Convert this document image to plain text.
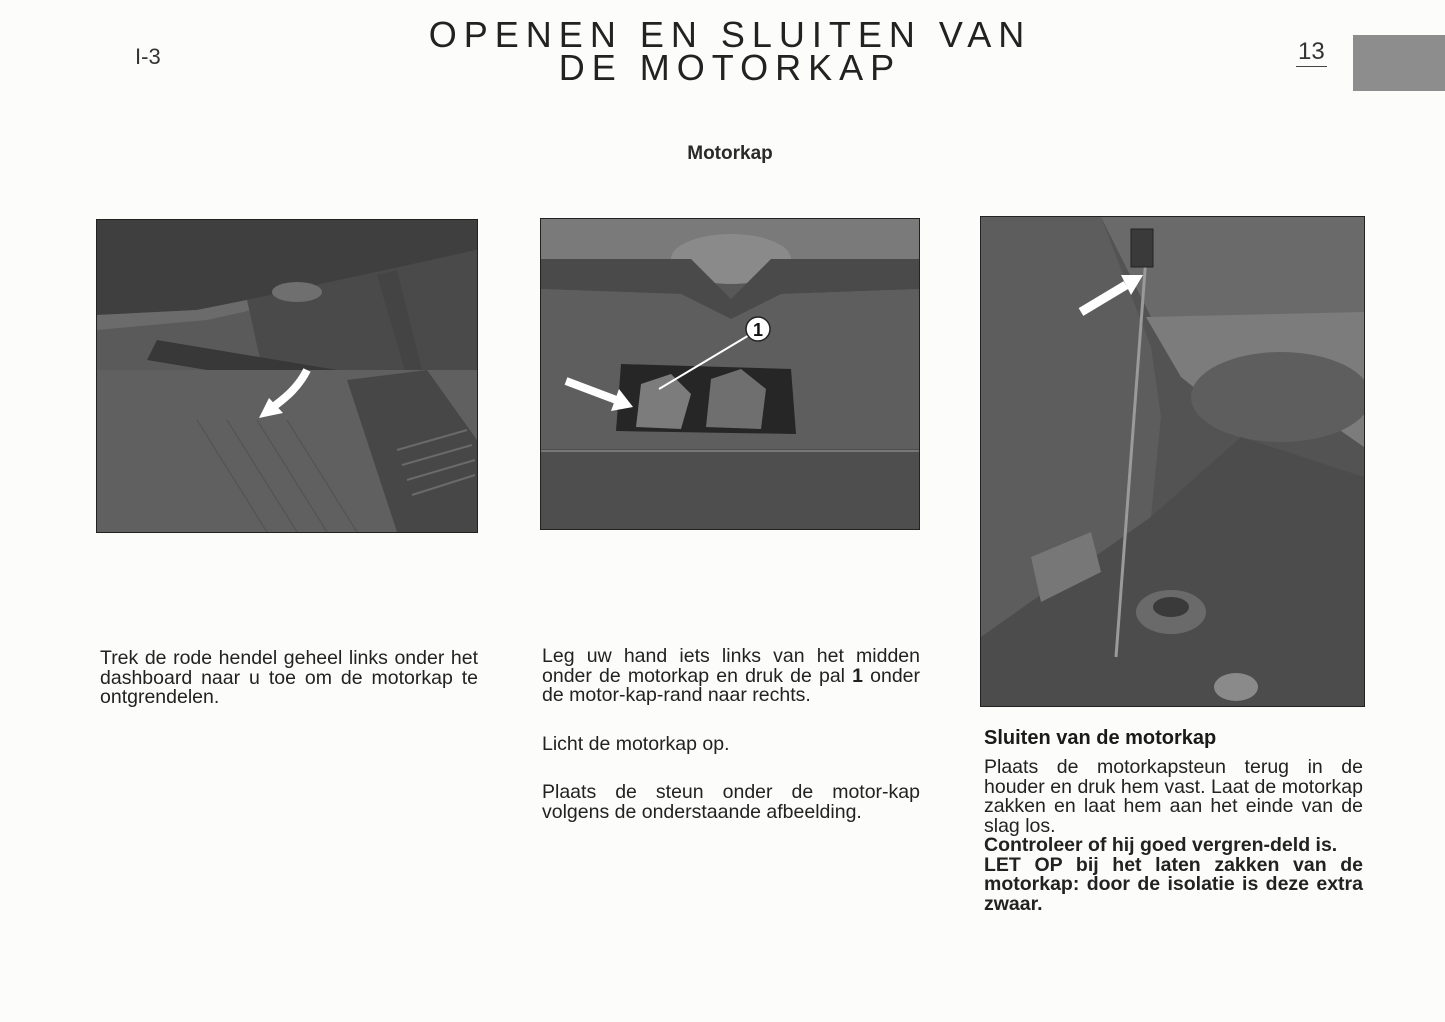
I-3
OPENEN EN SLUITEN VAN
DE MOTORKAP	13
Motorkap
1

Trek de rode hendel geheel links onder het dashboard naar u toe om de motorkap te ontgrendelen.

Leg uw hand iets links van het midden onder de motorkap en druk de pal 1 onder de motor-kap-rand naar rechts.

Licht de motorkap op.

Plaats de steun onder de motor-kap volgens de onderstaande afbeelding.

Sluiten van de motorkap

Plaats de motorkapsteun terug in de houder en druk hem vast. Laat de motorkap zakken en laat hem aan het einde van de slag los.

Controleer of hij goed vergren-deld is.

LET OP bij het laten zakken van de motorkap: door de isolatie is deze extra zwaar.
